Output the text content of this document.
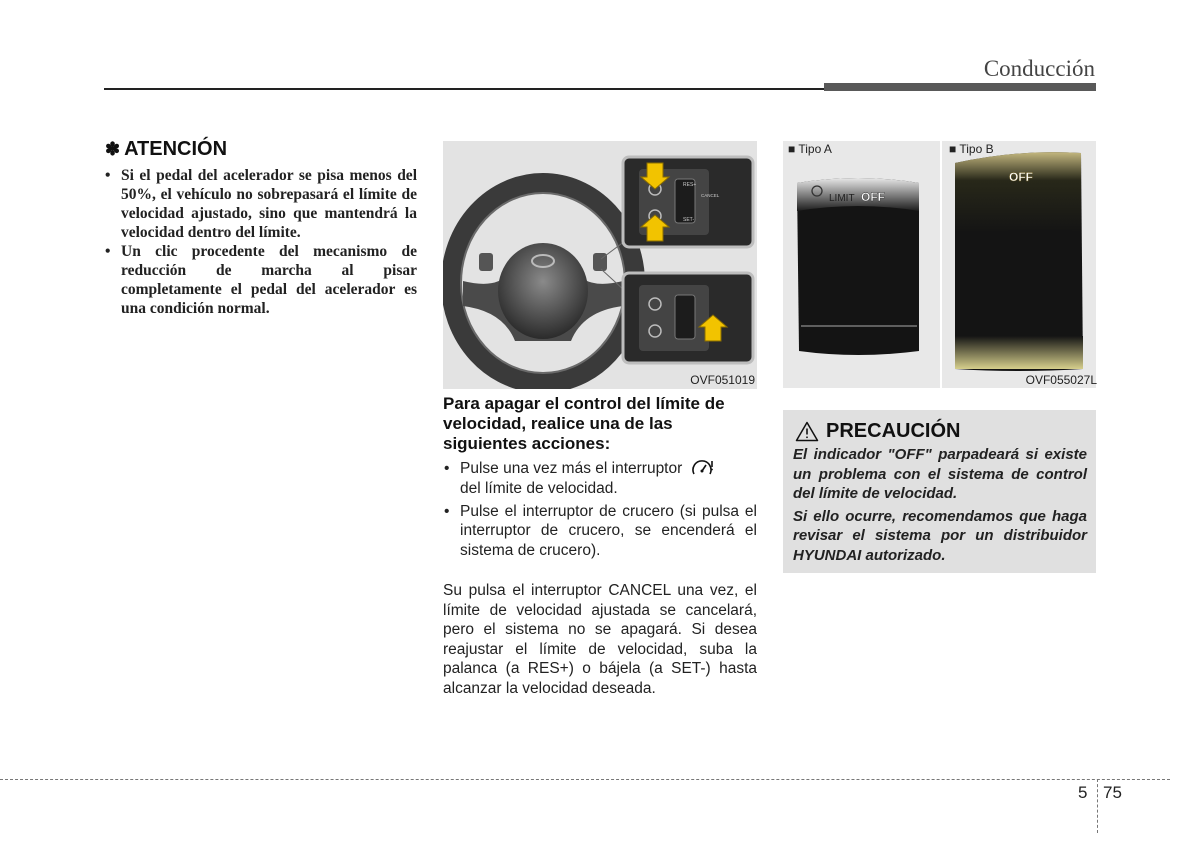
Conducción
✽ ATENCIÓN
• Si el pedal del acelerador se pisa menos del 50%, el vehículo no sobrepasará el límite de velocidad ajustado, sino que mantendrá la velocidad dentro del límite.
• Un clic procedente del mecanismo de reducción de marcha al pisar completamente el pedal del acelerador es una condición normal.
RES+
SET-
CANCEL
OVF051019
Para apagar el control del límite de velocidad, realice una de las siguientes acciones:
• Pulse una vez más el interruptor
del límite de velocidad.
• Pulse el interruptor de crucero (si pulsa el interruptor de crucero, se encenderá el sistema de crucero).
Su pulsa el interruptor CANCEL una vez, el límite de velocidad ajustada se cancelará, pero el sistema no se apagará. Si desea reajustar el límite de velocidad, suba la palanca (a RES+) o bájela (a SET-) hasta alcanzar la velocidad deseada.
LIMIT OFF
OFF
■ Tipo A	■ Tipo B
OVF055027L
PRECAUCIÓN

El indicador "OFF" parpadeará si existe un problema con el sistema de control del límite de velocidad.

Si ello ocurre, recomendamos que haga revisar el sistema por un distribuidor HYUNDAI autorizado.

5 75
